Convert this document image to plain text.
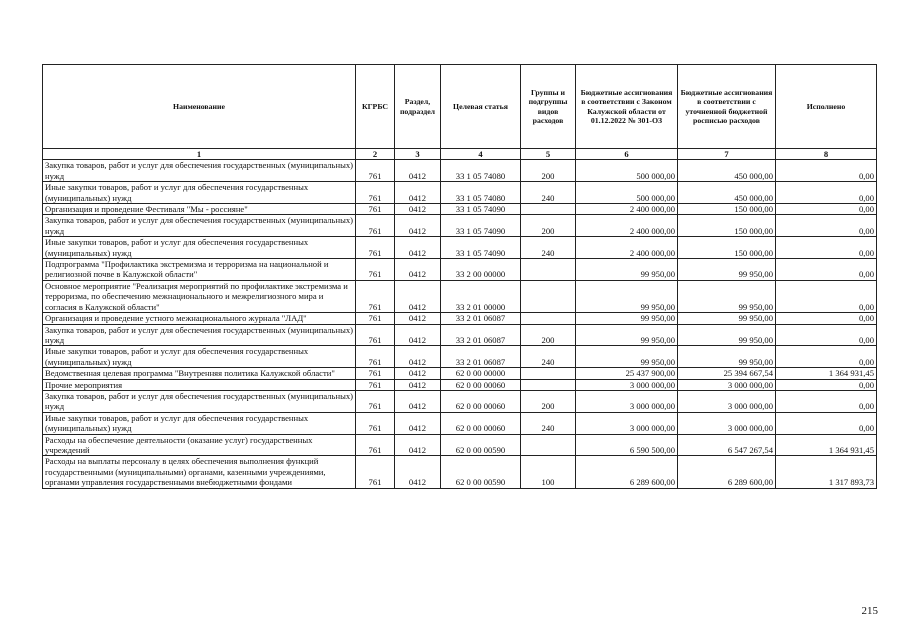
Наименование	КГРБС	Раздел, подраздел	Целевая статья	Группы и подгруппы видов расходов	Бюджетные ассигнования в соответствии с Законом Калужской области от 01.12.2022 № 301-ОЗ	Бюджетные ассигнования в соответствии с уточненной бюджетной росписью расходов	Исполнено
1	2	3	4	5	6	7	8
Закупка товаров, работ и услуг для обеспечения государственных (муниципальных) нужд	761	0412	33 1 05 74080	200	500 000,00	450 000,00	0,00
Иные закупки товаров, работ и услуг для обеспечения государственных (муниципальных) нужд	761	0412	33 1 05 74080	240	500 000,00	450 000,00	0,00
Организация и проведение Фестиваля "Мы - россияне"	761	0412	33 1 05 74090		2 400 000,00	150 000,00	0,00
Закупка товаров, работ и услуг для обеспечения государственных (муниципальных) нужд	761	0412	33 1 05 74090	200	2 400 000,00	150 000,00	0,00
Иные закупки товаров, работ и услуг для обеспечения государственных (муниципальных) нужд	761	0412	33 1 05 74090	240	2 400 000,00	150 000,00	0,00
Подпрограмма "Профилактика экстремизма и терроризма на национальной и религиозной почве в Калужской области"	761	0412	33 2 00 00000		99 950,00	99 950,00	0,00
Основное мероприятие "Реализация мероприятий по профилактике экстремизма и терроризма, по обеспечению межнационального и межрелигиозного мира и согласия в Калужской области"	761	0412	33 2 01 00000		99 950,00	99 950,00	0,00
Организация и проведение устного межнационального журнала "ЛАД"	761	0412	33 2 01 06087		99 950,00	99 950,00	0,00
Закупка товаров, работ и услуг для обеспечения государственных (муниципальных) нужд	761	0412	33 2 01 06087	200	99 950,00	99 950,00	0,00
Иные закупки товаров, работ и услуг для обеспечения государственных (муниципальных) нужд	761	0412	33 2 01 06087	240	99 950,00	99 950,00	0,00
Ведомственная целевая программа "Внутренняя политика Калужской области"	761	0412	62 0 00 00000		25 437 900,00	25 394 667,54	1 364 931,45
Прочие мероприятия	761	0412	62 0 00 00060		3 000 000,00	3 000 000,00	0,00
Закупка товаров, работ и услуг для обеспечения государственных (муниципальных) нужд	761	0412	62 0 00 00060	200	3 000 000,00	3 000 000,00	0,00
Иные закупки товаров, работ и услуг для обеспечения государственных (муниципальных) нужд	761	0412	62 0 00 00060	240	3 000 000,00	3 000 000,00	0,00
Расходы на обеспечение деятельности (оказание услуг) государственных учреждений	761	0412	62 0 00 00590		6 590 500,00	6 547 267,54	1 364 931,45
Расходы на выплаты персоналу в целях обеспечения выполнения функций государственными (муниципальными) органами, казенными учреждениями, органами управления государственными внебюджетными фондами	761	0412	62 0 00 00590	100	6 289 600,00	6 289 600,00	1 317 893,73
215
